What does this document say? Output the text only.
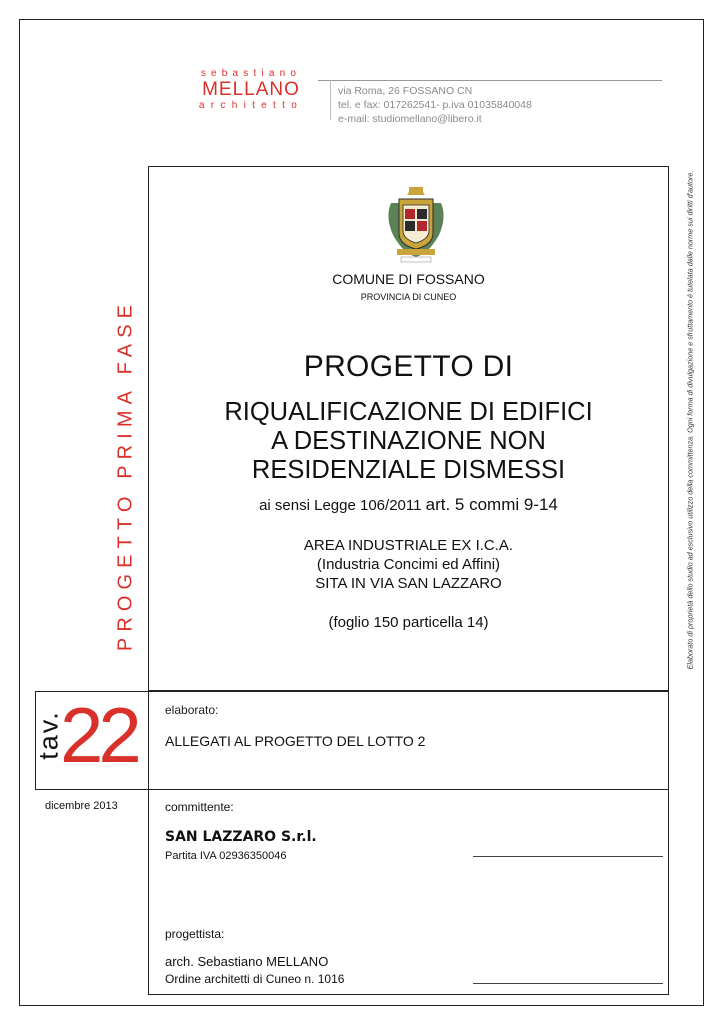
sebastiano
MELLANO
architetto
via Roma, 26 FOSSANO CN
tel. e fax: 017262541- p.iva 01035840048
e-mail: studiomellano@libero.it
PROGETTO PRIMA FASE	Elaborato di proprietà dello studio ad esclusivo utilizzo della committenza. Ogni forma di divulgazione e sfruttamento è tutelata dalle norme sui diritti d'autore.
COMUNE DI FOSSANO
PROVINCIA DI CUNEO
PROGETTO DI
RIQUALIFICAZIONE DI EDIFICI
A DESTINAZIONE NON
RESIDENZIALE DISMESSI
ai sensi Legge 106/2011 art. 5 commi 9-14
AREA INDUSTRIALE EX I.C.A.
(Industria Concimi ed Affini)
SITA IN VIA SAN LAZZARO
(foglio 150 particella 14)
tav.
22 elaborato:
ALLEGATI AL PROGETTO DEL LOTTO 2
dicembre 2013	committente:
SAN LAZZARO S.r.l.
Partita IVA 02936350046
progettista:
arch. Sebastiano MELLANO
Ordine architetti di Cuneo n. 1016
